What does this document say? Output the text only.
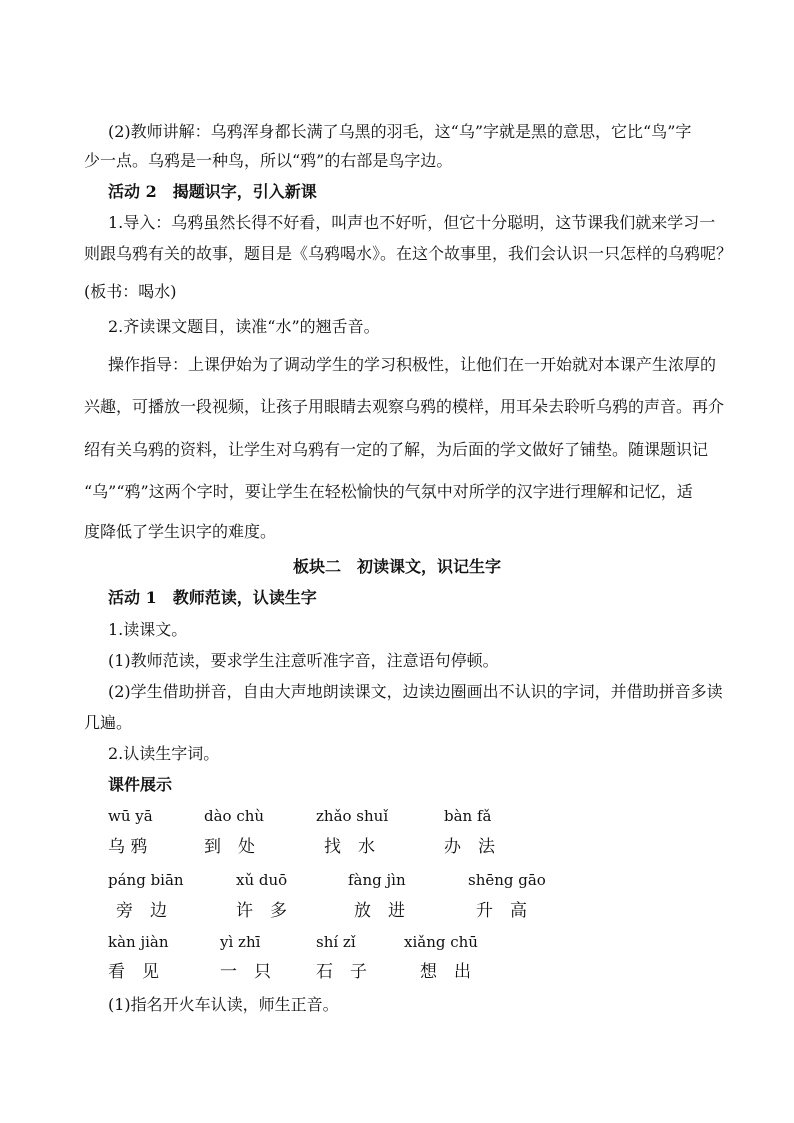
(2)教师讲解：乌鸦浑身都长满了乌黑的羽毛，这“乌”字就是黑的意思，它比“鸟”字
少一点。乌鸦是一种鸟，所以“鸦”的右部是鸟字边。
活动 2　揭题识字，引入新课
1.导入：乌鸦虽然长得不好看，叫声也不好听，但它十分聪明，这节课我们就来学习一
则跟乌鸦有关的故事，题目是《乌鸦喝水》。在这个故事里，我们会认识一只怎样的乌鸦呢？
(板书：喝水)
2.齐读课文题目，读准“水”的翘舌音。
操作指导：上课伊始为了调动学生的学习积极性，让他们在一开始就对本课产生浓厚的
兴趣，可播放一段视频，让孩子用眼睛去观察乌鸦的模样，用耳朵去聆听乌鸦的声音。再介
绍有关乌鸦的资料，让学生对乌鸦有一定的了解，为后面的学文做好了铺垫。随课题识记
“乌”“鸦”这两个字时，要让学生在轻松愉快的气氛中对所学的汉字进行理解和记忆，适
度降低了学生识字的难度。
板块二　初读课文，识记生字
活动 1　教师范读，认读生字
1.读课文。
(1)教师范读，要求学生注意听准字音，注意语句停顿。
(2)学生借助拼音，自由大声地朗读课文，边读边圈画出不认识的字词，并借助拼音多读
几遍。
2.认读生字词。
课件展示
wū yā	dào chù	zhǎo shuǐ	bàn fǎ
乌 鸦	到　处	找　水	办　法
páng biān	xǔ duō	fàng jìn	shēng gāo
旁　边	许　多	放　进	升　高
kàn jiàn	yì zhī	shí zǐ	xiǎng chū
看　见	一　只	石　子	想　出
(1)指名开火车认读，师生正音。
